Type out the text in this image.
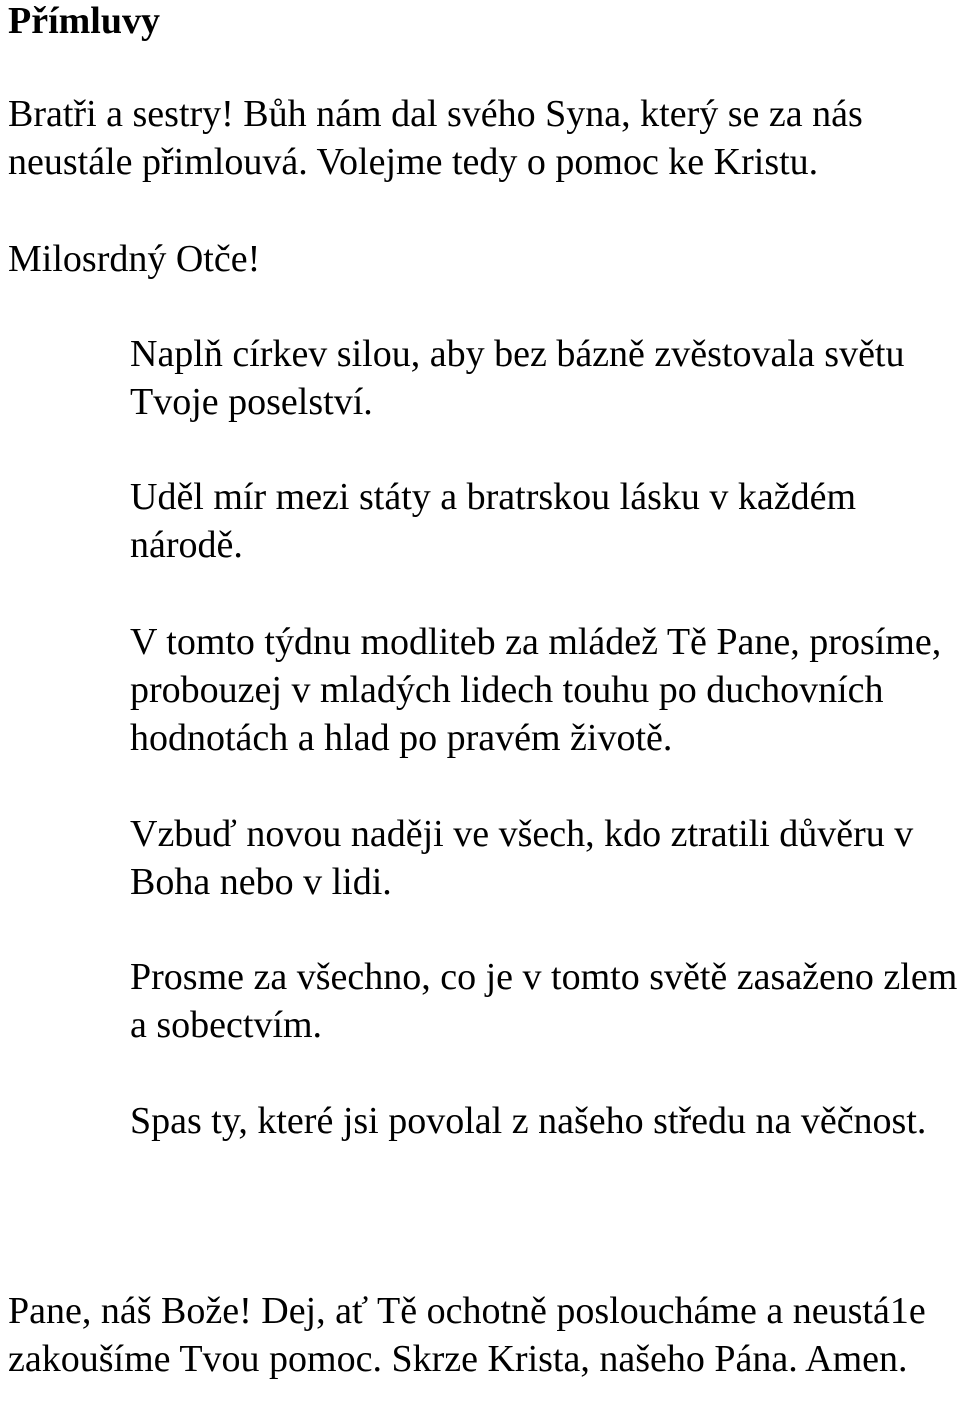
Přímluvy

Bratři a sestry! Bůh nám dal svého Syna, který se za nás neustále přimlouvá. Volejme tedy o pomoc ke Kristu.

Milosrdný Otče!

Naplň církev silou, aby bez bázně zvěstovala světu Tvoje poselství.

Uděl mír mezi státy a bratrskou lásku v každém národě.

V tomto týdnu modliteb za mládež Tě Pane, prosíme, probouzej v mladých lidech touhu po duchovních hodnotách a hlad po pravém životě.

Vzbuď novou naději ve všech, kdo ztratili důvěru v Boha nebo v lidi.

Prosme za všechno, co je v tomto světě zasaženo zlem a sobectvím.

Spas ty, které jsi povolal z našeho středu na věčnost.

Pane, náš Bože! Dej, ať Tě ochotně posloucháme a neustá1e zakoušíme Tvou pomoc. Skrze Krista, našeho Pána. Amen.
